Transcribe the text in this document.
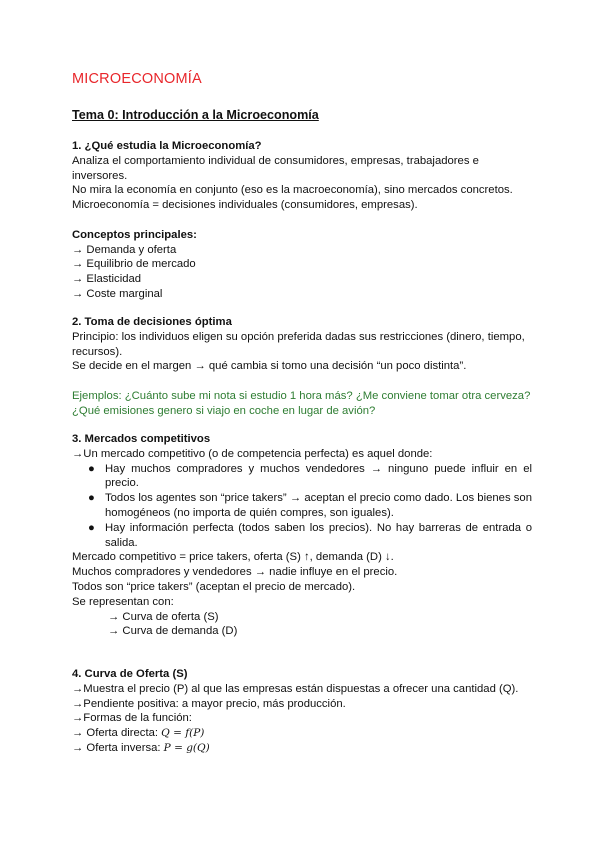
MICROECONOMÍA
Tema 0: Introducción a la Microeconomía
1. ¿Qué estudia la Microeconomía?
Analiza el comportamiento individual de consumidores, empresas, trabajadores e
inversores.
No mira la economía en conjunto (eso es la macroeconomía), sino mercados concretos.
Microeconomía = decisiones individuales (consumidores, empresas).
Conceptos principales:
→ Demanda y oferta
→ Equilibrio de mercado
→ Elasticidad
→ Coste marginal
2. Toma de decisiones óptima
Principio: los individuos eligen su opción preferida dadas sus restricciones (dinero, tiempo,
recursos).
Se decide en el margen → qué cambia si tomo una decisión “un poco distinta”.
Ejemplos: ¿Cuánto sube mi nota si estudio 1 hora más? ¿Me conviene tomar otra cerveza?
¿Qué emisiones genero si viajo en coche en lugar de avión?
3. Mercados competitivos
→Un mercado competitivo (o de competencia perfecta) es aquel donde:
● Hay muchos compradores y muchos vendedores → ninguno puede influir en el precio.
● Todos los agentes son “price takers” → aceptan el precio como dado. Los bienes son homogéneos (no importa de quién compres, son iguales).
● Hay información perfecta (todos saben los precios). No hay barreras de entrada o salida.
Mercado competitivo = price takers, oferta (S) ↑, demanda (D) ↓.
Muchos compradores y vendedores → nadie influye en el precio.
Todos son “price takers” (aceptan el precio de mercado).
Se representan con:
→ Curva de oferta (S)
→ Curva de demanda (D)
4. Curva de Oferta (S)
→Muestra el precio (P) al que las empresas están dispuestas a ofrecer una cantidad (Q).
→Pendiente positiva: a mayor precio, más producción.
→Formas de la función:
→ Oferta directa: Q = f(P)
→ Oferta inversa: P = g(Q)
